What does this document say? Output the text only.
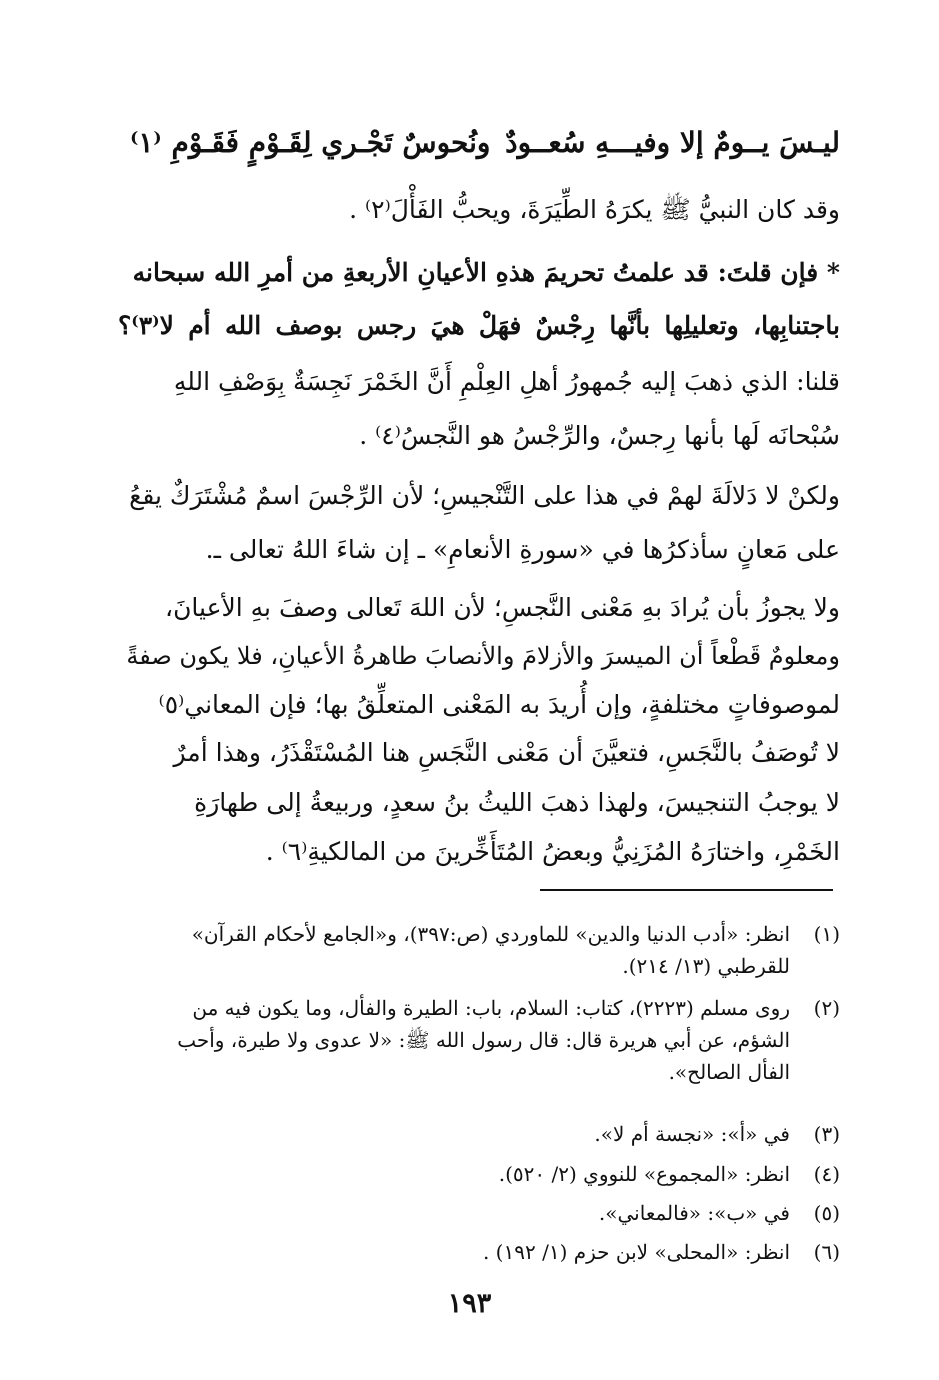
ليـسَ يــومٌ إلا وفيـــهِ سُعــودٌ
ونُحوسٌ تَجْـري لِقَـوْمٍ فَقَـوْمِ ⁽١⁾
وقد كان النبيُّ ﷺ يكرَهُ الطِّيَرَةَ، ويحبُّ الفَأْلَ⁽٢⁾ .
* فإن قلتَ: قد علمتُ تحريمَ هذهِ الأعيانِ الأربعةِ من أمرِ الله سبحانه
باجتنابِها، وتعليلِها بأنَّها رِجْسٌ فهَلْ هيَ رجس بوصف الله أم لا⁽٣⁾؟
قلنا: الذي ذهبَ إليه جُمهورُ أهلِ العِلْمِ أَنَّ الخَمْرَ نَجِسَةٌ بِوَصْفِ اللهِ
سُبْحانَه لَها بأنها رِجسٌ، والرِّجْسُ هو النَّجسُ⁽٤⁾ .
ولكنْ لا دَلالَةَ لهمْ في هذا على التَّنْجيسِ؛ لأن الرِّجْسَ اسمٌ مُشْتَرَكٌ يقعُ
على مَعانٍ سأذكرُها في «سورةِ الأنعامِ» ـ إن شاءَ اللهُ تعالى ـ.
ولا يجوزُ بأن يُرادَ بهِ مَعْنى النَّجسِ؛ لأن اللهَ تَعالى وصفَ بهِ الأعيانَ،
ومعلومٌ قَطْعاً أن الميسرَ والأزلامَ والأنصابَ طاهرةُ الأعيانِ، فلا يكون صفةً
لموصوفاتٍ مختلفةٍ، وإن أُريدَ به المَعْنى المتعلِّقُ بها؛ فإن المعاني⁽٥⁾
لا تُوصَفُ بالنَّجَسِ، فتعيَّنَ أن مَعْنى النَّجَسِ هنا المُسْتَقْذَرُ، وهذا أمرٌ
لا يوجبُ التنجيسَ، ولهذا ذهبَ الليثُ بنُ سعدٍ، وربيعةُ إلى طهارَةِ
الخَمْرِ، واختارَهُ المُزَنِيُّ وبعضُ المُتَأَخِّرينَ من المالكيةِ⁽٦⁾ .
(١)
انظر: «أدب الدنيا والدين» للماوردي (ص:٣٩٧)، و«الجامع لأحكام القرآن»
للقرطبي (١٣/ ٢١٤).
(٢)
روى مسلم (٢٢٢٣)، كتاب: السلام، باب: الطيرة والفأل، وما يكون فيه من
الشؤم، عن أبي هريرة قال: قال رسول الله ﷺ: «لا عدوى ولا طيرة، وأحب
الفأل الصالح».
(٣)
في «أ»: «نجسة أم لا».
(٤)
انظر: «المجموع» للنووي (٢/ ٥٢٠).
(٥)
في «ب»: «فالمعاني».
(٦)
انظر: «المحلى» لابن حزم (١/ ١٩٢) .
١٩٣
